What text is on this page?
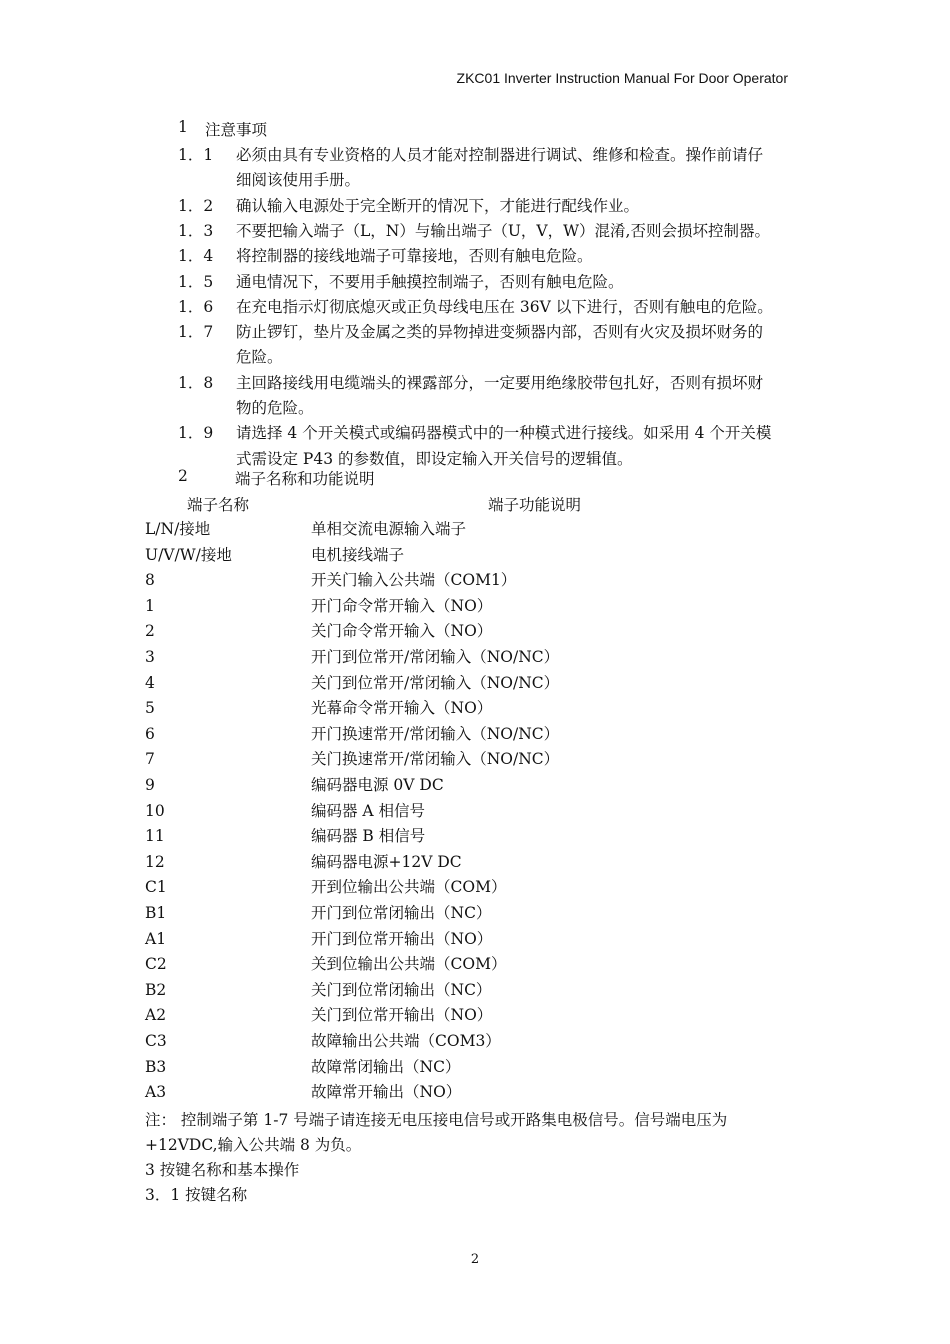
ZKC01 Inverter Instruction Manual For Door Operator
1 注意事项
1．1 必须由具有专业资格的人员才能对控制器进行调试、维修和检查。操作前请仔
细阅该使用手册。
1．2 确认输入电源处于完全断开的情况下，才能进行配线作业。
1．3 不要把输入端子（L，N）与输出端子（U，V，W）混淆,否则会损坏控制器。
1．4 将控制器的接线地端子可靠接地，否则有触电危险。
1．5 通电情况下，不要用手触摸控制端子，否则有触电危险。
1．6 在充电指示灯彻底熄灭或正负母线电压在 36V 以下进行，否则有触电的危险。
1．7 防止锣钉，垫片及金属之类的异物掉进变频器内部，否则有火灾及损坏财务的
危险。
1．8 主回路接线用电缆端头的裸露部分，一定要用绝缘胶带包扎好，否则有损坏财
物的危险。
1．9 请选择 4 个开关模式或编码器模式中的一种模式进行接线。如采用 4 个开关模
式需设定 P43 的参数值，即设定输入开关信号的逻辑值。
2	端子名称和功能说明
端子名称	端子功能说明
L/N/接地	单相交流电源输入端子
U/V/W/接地	电机接线端子
8	开关门输入公共端（COM1）
1	开门命令常开输入（NO）
2	关门命令常开输入（NO）
3	开门到位常开/常闭输入（NO/NC）
4	关门到位常开/常闭输入（NO/NC）
5	光幕命令常开输入（NO）
6	开门换速常开/常闭输入（NO/NC）
7	关门换速常开/常闭输入（NO/NC）
9	编码器电源 0V DC
10	编码器 A 相信号
11	编码器 B 相信号
12	编码器电源+12V DC
C1	开到位输出公共端（COM）
B1	开门到位常闭输出（NC）
A1	开门到位常开输出（NO）
C2	关到位输出公共端（COM）
B2	关门到位常闭输出（NC）
A2	关门到位常开输出（NO）
C3	故障输出公共端（COM3）
B3	故障常闭输出（NC）
A3	故障常开输出（NO）
注： 控制端子第 1-7 号端子请连接无电压接电信号或开路集电极信号。信号端电压为
+12VDC,输入公共端 8 为负。
3 按键名称和基本操作
3．1 按键名称
2
